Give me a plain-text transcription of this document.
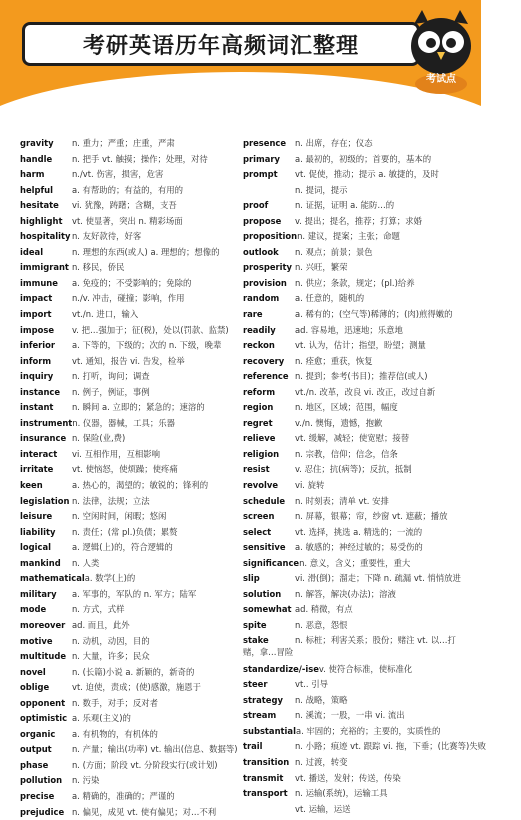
考研英语历年高频词汇整理
考试点
gravity n. 重力；严重；庄重，严肃
handle n. 把手 vt. 触摸；操作；处理，对待
harm	n./vt. 伤害，损害，危害
helpful a. 有帮助的；有益的，有用的
hesitate vi. 犹豫，踌躇；含糊，支吾
highlight vt. 使显著，突出 n. 精彩场面
hospitality n. 友好款待，好客
ideal	n. 理想的东西(或人) a. 理想的；想像的
immigrant n. 移民，侨民
immune a. 免疫的；不受影响的；免除的
impact n./v. 冲击，碰撞；影响，作用
import vt./n. 进口，输入
impose v. 把…强加于；征(税)，处以(罚款、监禁)
inferior a. 下等的，下级的；次的 n. 下级，晚辈
inform vt. 通知，报告 vi. 告发，检举
inquiry n. 打听，询问；调查
instance n. 例子，例证，事例
instant n. 瞬间 a. 立即的；紧急的；速溶的
instrumentn. 仪器，器械，工具；乐器
insurance n. 保险(业,费)
interact vi. 互相作用，互相影响
irritate vt. 使恼怒，使烦躁；使疼痛
keen	a. 热心的，渴望的；敏锐的；锋利的
legislation n. 法律，法规；立法
leisure n. 空闲时间，闲暇；悠闲
liability n. 责任；(常 pl.)负债；累赘
logical	a. 逻辑(上)的，符合逻辑的
mankind n. 人类
mathematicala. 数学(上)的
military a. 军事的，军队的 n. 军方；陆军
mode	n. 方式，式样
moreover ad. 而且，此外
motive n. 动机，动因，目的
multitude n. 大量，许多；民众
novel	n. (长篇)小说 a. 新颖的，新奇的
oblige	vt. 迫使，责成；(使)感激，施恩于
opponent n. 数手，对手；反对者
optimistic a. 乐观(主义)的
organic a. 有机物的，有机体的
output n. 产量；输出(功率) vt. 输出(信息、数据等)
phase	n. (方面；阶段 vt. 分阶段实行(或计划)
pollution n. 污染
precise a. 精确的，准确的；严谨的
prejudice n. 偏见，成见 vt. 使有偏见；对…不利
presence n. 出席，存在；仪态
primary a. 最初的，初级的；首要的，基本的
prompt vt. 促使，推动；提示 a. 敏捷的，及时
n. 提词，提示
proof	n. 证据，证明 a. 能防…的
propose v. 提出；提名，推荐；打算；求婚
propositionn. 建议，提案；主张；命题
outlook n. 观点；前景；景色
prosperity n. 兴旺，繁荣
provision n. 供应；条款，规定；(pl.)给养
random a. 任意的，随机的
rare	a. 稀有的；(空气等)稀薄的；(肉)煎得嫩的
readily ad. 容易地，迅速地；乐意地
reckon vt. 认为，估计；指望，盼望；测量
recovery n. 痊愈；重获，恢复
reference n. 提到；参考(书目)；推荐信(或人)
reform vt./n. 改革，改良 vi. 改正，改过自新
region	n. 地区，区域；范围，幅度
regret	v./n. 懊悔，遗憾，抱歉
relieve vt. 缓解，减轻；使宽慰；接替
religion n. 宗教，信仰；信念，信条
resist	v. 忍住；抗(病等)；反抗，抵制
revolve vi. 旋转
schedule n. 时刻表；清单 vt. 安排
screen n. 屏幕，银幕；帘，纱窗 vt. 遮蔽；播放
select	vt. 选择，挑选 a. 精选的；一流的
sensitive a. 敏感的；神经过敏的；易受伤的
significancen. 意义，含义；重要性，重大
slip	vi. 滑(倒)；溜走；下降 n. 疏漏 vt. 悄悄放进
solution n. 解答，解决(办法)；溶液
somewhat ad. 稍微，有点
spite	n. 恶意，怨恨
stake	n. 标桩；利害关系；股份；赌注 vt. 以…打赌，拿…冒险
standardize/-isev. 使符合标准，使标准化
steer	vt.. 引导
strategy n. 战略，策略
stream n. 溪流；一股，一串 vi. 流出
substantiala. 牢固的；充裕的；主要的，实质性的
trail	n. 小路；痕迹 vt. 跟踪 vi. 拖，下垂；(比赛等)失败
transition n. 过渡，转变
transmit vt. 播送，发射；传送，传染
transport n. 运输(系统)，运输工具
vt. 运输，运送
